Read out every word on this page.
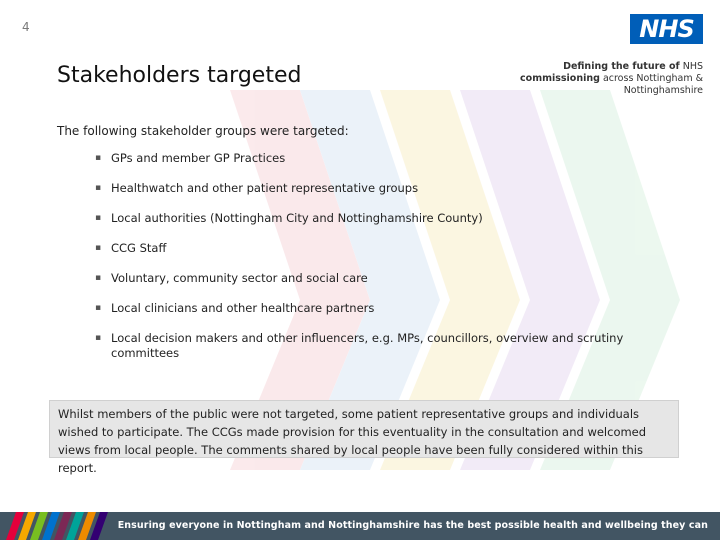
4	NHS
Stakeholders targeted	Defining the future of NHS
commissioning across Nottingham &
Nottinghamshire
The following stakeholder groups were targeted:
▪ GPs and member GP Practices
▪ Healthwatch and other patient representative groups
▪ Local authorities (Nottingham City and Nottinghamshire County)
▪ CCG Staff
▪ Voluntary, community sector and social care
▪ Local clinicians and other healthcare partners
▪ Local decision makers and other influencers, e.g. MPs, councillors, overview and scrutiny committees
Whilst members of the public were not targeted, some patient representative groups and individuals wished to participate. The CCGs made provision for this eventuality in the consultation and welcomed views from local people. The comments shared by local people have been fully considered within this report.
Ensuring everyone in Nottingham and Nottinghamshire has the best possible health and wellbeing they can
